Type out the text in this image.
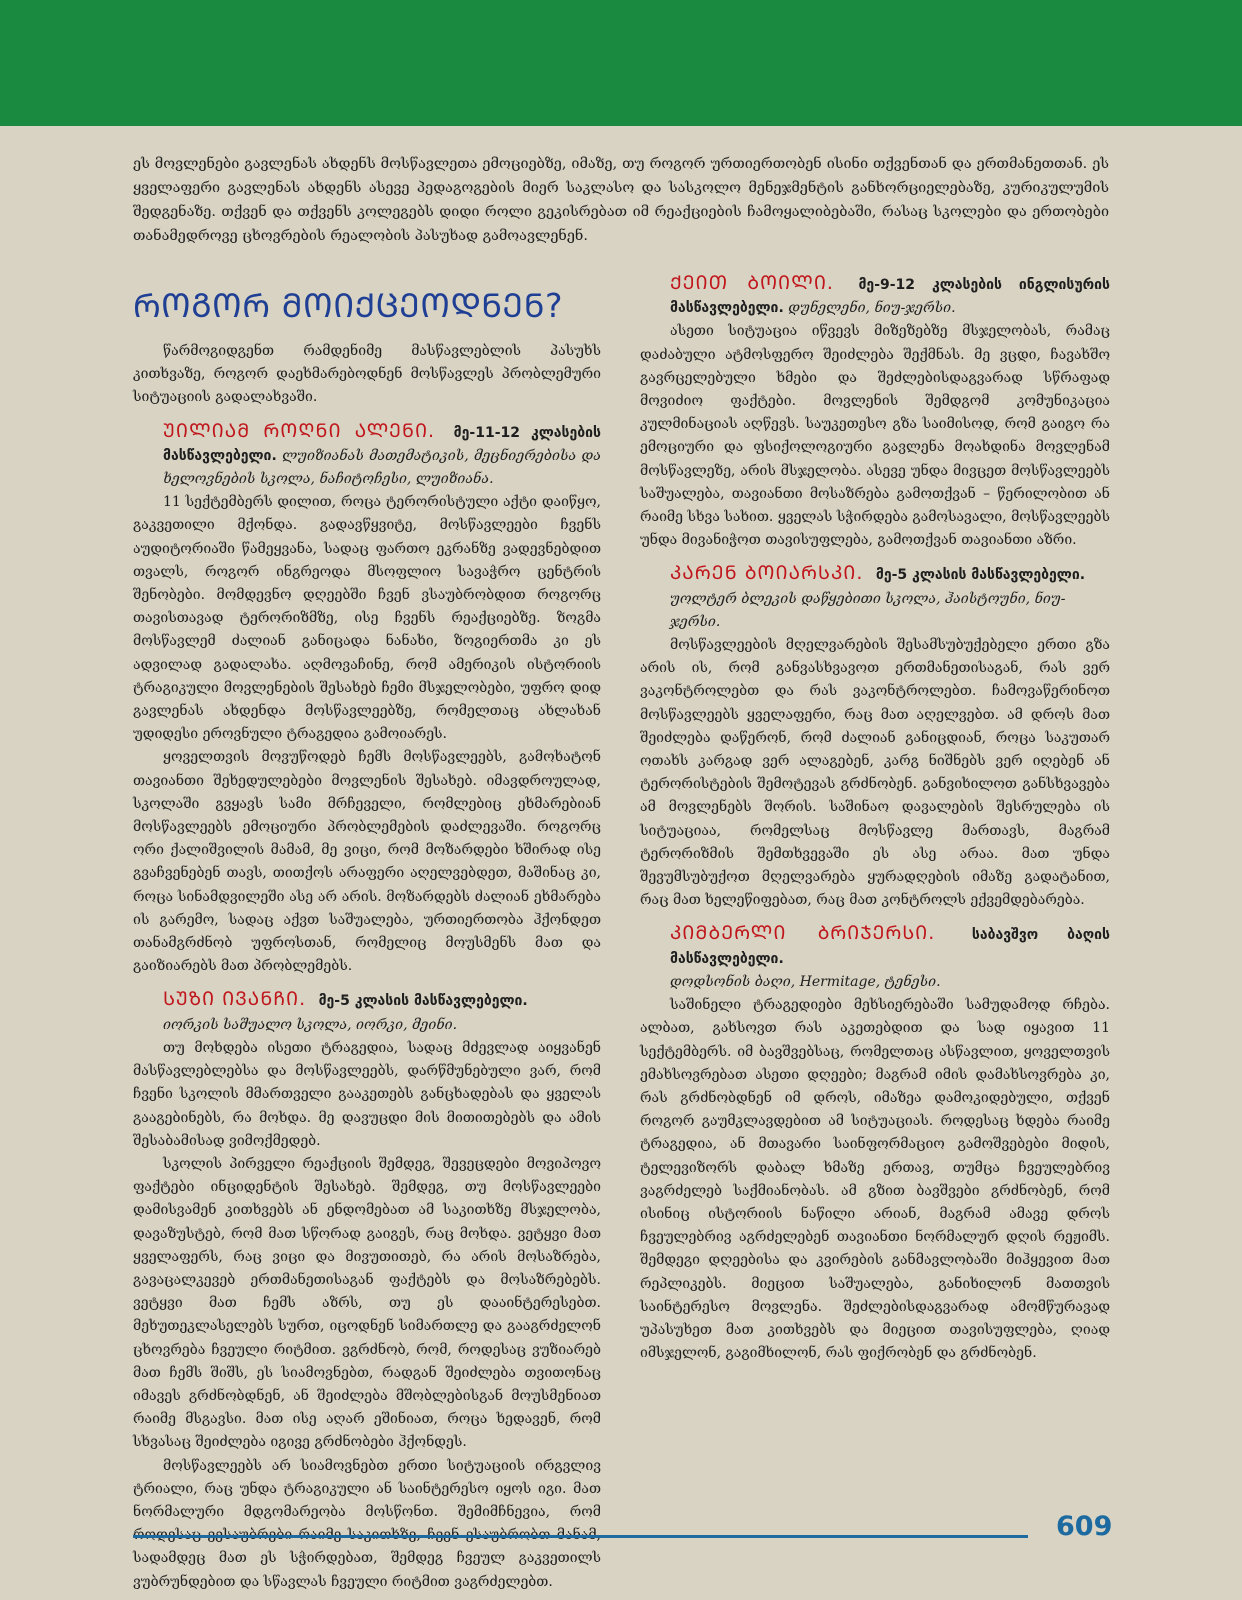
ეს მოვლენები გავლენას ახდენს მოსწავლეთა ემოციებზე, იმაზე, თუ როგორ ურთიერთობენ ისინი თქვენთან და ერთმანეთთან. ეს ყველაფერი გავლენას ახდენს ასევე პედაგოგების მიერ საკლასო და სასკოლო მენეჯმენტის განხორციელებაზე, კურიკულუმის შედგენაზე. თქვენ და თქვენს კოლეგებს დიდი როლი გეკისრებათ იმ რეაქციების ჩამოყალიბებაში, რასაც სკოლები და ერთობები თანამედროვე ცხოვრების რეალობის პასუხად გამოავლენენ.

ᲠᲝᲒᲝᲠ ᲛᲝᲘᲥᲪᲔᲝᲓᲜᲔᲜ?

წარმოგიდგენთ რამდენიმე მასწავლებლის პასუხს კითხვაზე, როგორ დაეხმარებოდნენ მოსწავლეს პრობლემური სიტუაციის გადალახვაში.

ᲣᲘᲚᲘᲐᲛ ᲠᲝᲦᲜᲘ ᲐᲚᲔᲜᲘ. მე-11-12 კლასების მასწავლებელი. ლუიზიანას მათემატიკის, მეცნიერებისა და ხელოვნების სკოლა, ნაჩიტოჩესი, ლუიზიანა.

11 სექტემბერს დილით, როცა ტერორისტული აქტი დაიწყო, გაკვეთილი მქონდა. გადავწყვიტე, მოსწავლეები ჩვენს აუდიტორიაში წამეყვანა, სადაც ფართო ეკრანზე ვადევნებდით თვალს, როგორ ინგრეოდა მსოფლიო სავაჭრო ცენტრის შენობები. მომდევნო დღეებში ჩვენ ვსაუბრობდით როგორც თავისთავად ტერორიზმზე, ისე ჩვენს რეაქციებზე. ზოგმა მოსწავლემ ძალიან განიცადა ნანახი, ზოგიერთმა კი ეს ადვილად გადალახა. აღმოვაჩინე, რომ ამერიკის ისტორიის ტრაგიკული მოვლენების შესახებ ჩემი მსჯელობები, უფრო დიდ გავლენას ახდენდა მოსწავლეებზე, რომელთაც ახლახან უდიდესი ეროვნული ტრაგედია გამოიარეს.

ყოველთვის მოვუწოდებ ჩემს მოსწავლეებს, გამოხატონ თავიანთი შეხედულებები მოვლენის შესახებ. იმავდროულად, სკოლაში გვყავს სამი მრჩეველი, რომლებიც ეხმარებიან მოსწავლეებს ემოციური პრობლემების დაძლევაში. როგორც ორი ქალიშვილის მამამ, მე ვიცი, რომ მოზარდები ხშირად ისე გვაჩვენებენ თავს, თითქოს არაფერი აღელვებდეთ, მაშინაც კი, როცა სინამდვილეში ასე არ არის. მოზარდებს ძალიან ეხმარება ის გარემო, სადაც აქვთ საშუალება, ურთიერთობა ჰქონდეთ თანამგრძნობ უფროსთან, რომელიც მოუსმენს მათ და გაიზიარებს მათ პრობლემებს.

ᲡᲣᲖᲘ ᲘᲕᲐᲜᲩᲘ. მე-5 კლასის მასწავლებელი.

იორკის საშუალო სკოლა, იორკი, მეინი.

თუ მოხდება ისეთი ტრაგედია, სადაც მძევლად აიყვანენ მასწავლებლებსა და მოსწავლეებს, დარწმუნებული ვარ, რომ ჩვენი სკოლის მმართველი გააკეთებს განცხადებას და ყველას გააგებინებს, რა მოხდა. მე დავუცდი მის მითითებებს და ამის შესაბამისად ვიმოქმედებ.

სკოლის პირველი რეაქციის შემდეგ, შევეცდები მოვიპოვო ფაქტები ინციდენტის შესახებ. შემდეგ, თუ მოსწავლეები დამისვამენ კითხვებს ან ენდომებათ ამ საკითხზე მსჯელობა, დავაზუსტებ, რომ მათ სწორად გაიგეს, რაც მოხდა. ვეტყვი მათ ყველაფერს, რაც ვიცი და მივუთითებ, რა არის მოსაზრება, გავაცალკევებ ერთმანეთისაგან ფაქტებს და მოსაზრებებს. ვეტყვი მათ ჩემს აზრს, თუ ეს დააინტერესებთ. მეხუთეკლასელებს სურთ, იცოდნენ სიმართლე და გააგრძელონ ცხოვრება ჩვეული რიტმით. ვგრძნობ, რომ, როდესაც ვუზიარებ მათ ჩემს შიშს, ეს სიამოვნებთ, რადგან შეიძლება თვითონაც იმავეს გრძნობდნენ, ან შეიძლება მშობლებისგან მოუსმენიათ რაიმე მსგავსი. მათ ისე აღარ ეშინიათ, როცა ხედავენ, რომ სხვასაც შეიძლება იგივე გრძნობები ჰქონდეს.

მოსწავლეებს არ სიამოვნებთ ერთი სიტუაციის ირგვლივ ტრიალი, რაც უნდა ტრაგიკული ან საინტერესო იყოს იგი. მათ ნორმალური მდგომარეობა მოსწონთ. შემიმჩნევია, რომ სადამდეც მათ ეს სჭირდებათ, შემდეგ ჩვეულ გაკვეთილს ვუბრუნდებით და სწავლას ჩვეული რიტმით ვაგრძელებთ.

ᲥᲔᲘᲗ ᲑᲝᲘᲚᲘ. მე-9-12 კლასების ინგლისურის მასწავლებელი. დუნელენი, ნიუ-ჯერსი.

ასეთი სიტუაცია იწვევს მიზეზებზე მსჯელობას, რამაც დაძაბული ატმოსფერო შეიძლება შექმნას. მე ვცდი, ჩავახშო გავრცელებული ხმები და შეძლებისდაგვარად სწრაფად მოვიძიო ფაქტები. მოვლენის შემდგომ კომუნიკაცია კულმინაციას აღწევს. საუკეთესო გზა საიმისოდ, რომ გაიგო რა ემოციური და ფსიქოლოგიური გავლენა მოახდინა მოვლენამ მოსწავლეზე, არის მსჯელობა. ასევე უნდა მივცეთ მოსწავლეებს საშუალება, თავიანთი მოსაზრება გამოთქვან – წერილობით ან რაიმე სხვა სახით. ყველას სჭირდება გამოსავალი, მოსწავლეებს უნდა მივანიჭოთ თავისუფლება, გამოთქვან თავიანთი აზრი.

ᲙᲐᲠᲔᲜ ᲑᲝᲘᲐᲠᲡᲙᲘ. მე-5 კლასის მასწავლებელი.

უოლტერ ბლეკის დაწყებითი სკოლა, ჰაისტოუნი, ნიუ-ჯერსი.

მოსწავლეების მღელვარების შესამსუბუქებელი ერთი გზა არის ის, რომ განვასხვავოთ ერთმანეთისაგან, რას ვერ ვაკონტროლებთ და რას ვაკონტროლებთ. ჩამოვაწერინოთ მოსწავლეებს ყველაფერი, რაც მათ აღელვებთ. ამ დროს მათ შეიძლება დაწერონ, რომ ძალიან განიცდიან, როცა საკუთარ ოთახს კარგად ვერ ალაგებენ, კარგ ნიშნებს ვერ იღებენ ან ტერორისტების შემოტევას გრძნობენ. განვიხილოთ განსხვავება ამ მოვლენებს შორის. საშინაო დავალების შესრულება ის სიტუაციაა, რომელსაც მოსწავლე მართავს, მაგრამ ტერორიზმის შემთხვევაში ეს ასე არაა. მათ უნდა შევუმსუბუქოთ მღელვარება ყურადღების იმაზე გადატანით, რაც მათ ხელეწიფებათ, რაც მათ კონტროლს ექვემდებარება.

ᲙᲘᲛᲑᲔᲠᲚᲘ ᲑᲠᲘᲯᲔᲠᲡᲘ.	საბავშვო ბაღის მასწავლებელი.

დოდსონის ბაღი, Hermitage, ტენესი.

საშინელი ტრაგედიები მეხსიერებაში სამუდამოდ რჩება. ალბათ, გახსოვთ რას აკეთებდით და სად იყავით 11 სექტემბერს. იმ ბავშვებსაც, რომელთაც ასწავლით, ყოველთვის ემახსოვრებათ ასეთი დღეები; მაგრამ იმის დამახსოვრება კი, რას გრძნობდნენ იმ დროს, იმაზეა დამოკიდებული, თქვენ როგორ გაუმკლავდებით ამ სიტუაციას. როდესაც ხდება რაიმე ტრაგედია, ან მთავარი საინფორმაციო გამოშვებები მიდის, ტელევიზორს დაბალ ხმაზე ერთავ, თუმცა ჩვეულებრივ ვაგრძელებ საქმიანობას. ამ გზით ბავშვები გრძნობენ, რომ ისინიც ისტორიის ნაწილი არიან, მაგრამ ამავე დროს ჩვეულებრივ აგრძელებენ თავიანთი ნორმალურ დღის რეჟიმს. შემდეგი დღეებისა და კვირების განმავლობაში მიჰყევით მათ რეპლიკებს. მიეცით საშუალება, განიხილონ მათთვის საინტერესო მოვლენა. შეძლებისდაგვარად ამომწურავად უპასუხეთ მათ კითხვებს და მიეცით თავისუფლება, ღიად იმსჯელონ, გაგიმხილონ, რას ფიქრობენ და გრძნობენ.

609
